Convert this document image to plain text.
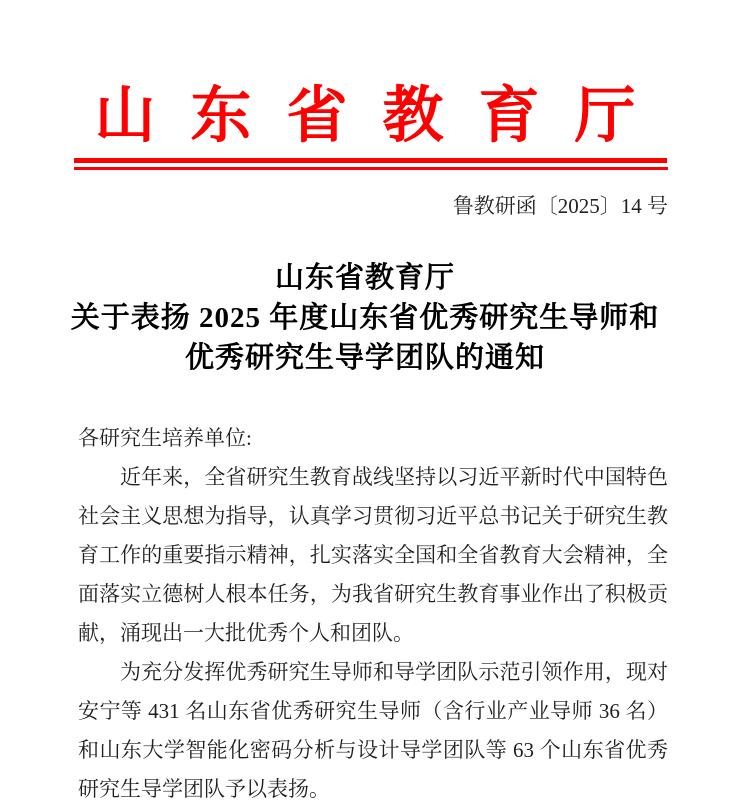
山东省教育厅
鲁教研函〔2025〕14 号
山东省教育厅
关于表扬 2025 年度山东省优秀研究生导师和
优秀研究生导学团队的通知
各研究生培养单位:
近年来，全省研究生教育战线坚持以习近平新时代中国特色
社会主义思想为指导，认真学习贯彻习近平总书记关于研究生教
育工作的重要指示精神，扎实落实全国和全省教育大会精神，全
面落实立德树人根本任务，为我省研究生教育事业作出了积极贡
献，涌现出一大批优秀个人和团队。
为充分发挥优秀研究生导师和导学团队示范引领作用，现对
安宁等 431 名山东省优秀研究生导师（含行业产业导师 36 名）
和山东大学智能化密码分析与设计导学团队等 63 个山东省优秀
研究生导学团队予以表扬。
